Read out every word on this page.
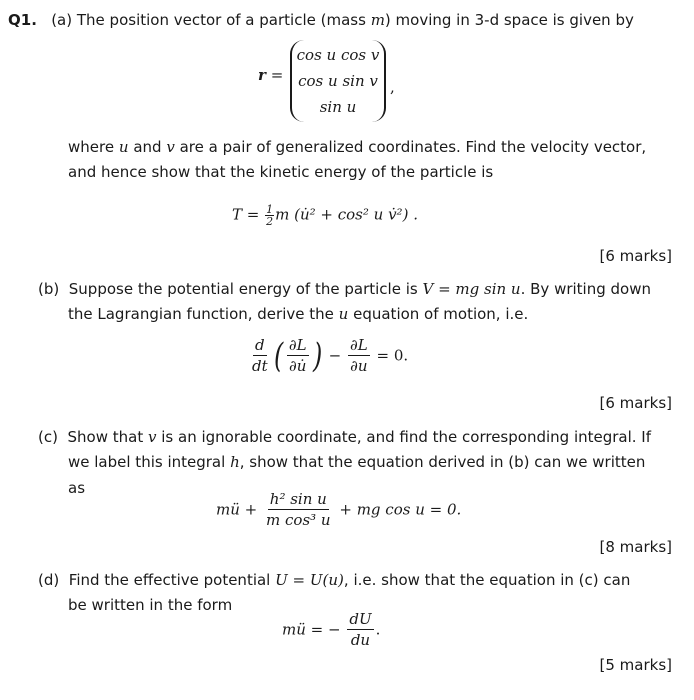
Q1. (a) The position vector of a particle (mass m) moving in 3-d space is given by
r =
cos u cos v
cos u sin v
sin u
,
where u and v are a pair of generalized coordinates. Find the velocity vector,
and hence show that the kinetic energy of the particle is
$T = \frac{1}{2}$ m (u̇² + cos² u v̇²) .
[6 marks]
(b) Suppose the potential energy of the particle is V = mg sin u. By writing down
the Lagrangian function, derive the u equation of motion, i.e.
$\frac{d}{dt}$ ( $\frac{\partial L}{\partial u̇}$ ) − $\frac{\partial L}{\partial u} = 0$.
[6 marks]
(c) Show that v is an ignorable coordinate, and find the corresponding integral. If
we label this integral h, show that the equation derived in (b) can we written
as
mü + $\frac{\text{h² sin u}}{\text{m cos³ u}}$ + mg cos u = 0.
[8 marks]
(d) Find the effective potential U = U(u), i.e. show that the equation in (c) can
be written in the form
mü = − $\frac{dU}{du}$ .
[5 marks]
